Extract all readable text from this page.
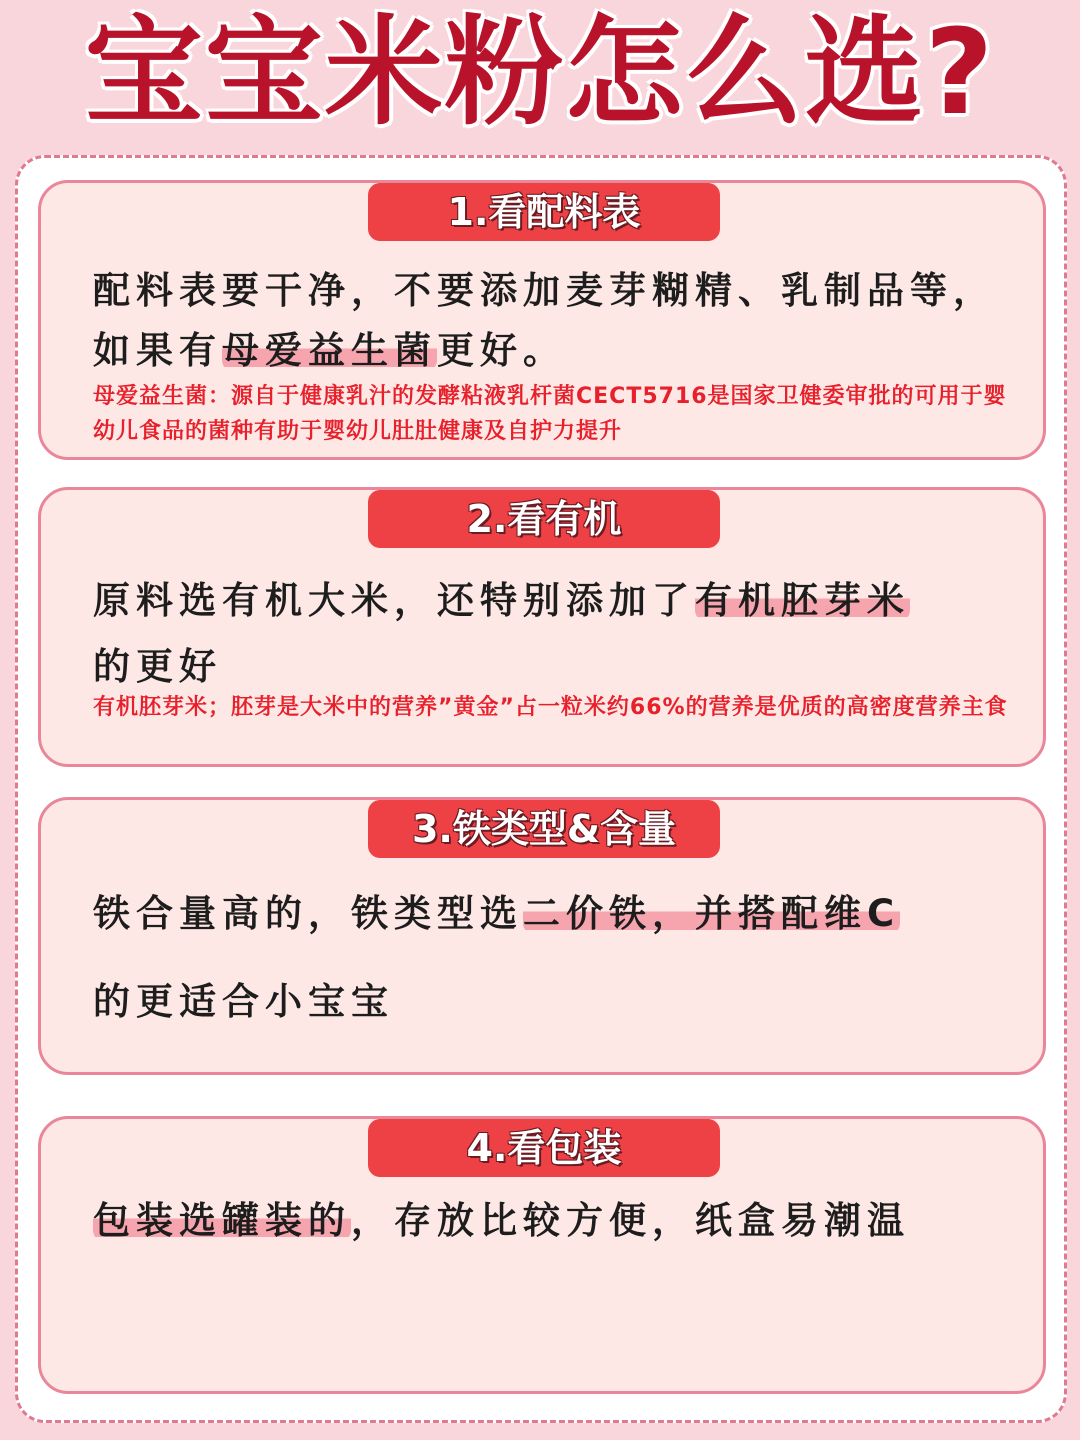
宝宝米粉怎么选?
1.看配料表
配料表要干净，不要添加麦芽糊精、乳制品等，如果有母爱益生菌更好。
母爱益生菌：源自于健康乳汁的发酵粘液乳杆菌CECT5716是国家卫健委审批的可用于婴幼儿食品的菌种有助于婴幼儿肚肚健康及自护力提升
2.看有机
原料选有机大米，还特别添加了有机胚芽米
的更好
有机胚芽米；胚芽是大米中的营养”黄金”占一粒米约66%的营养是优质的高密度营养主食
3.铁类型&含量
铁合量高的，铁类型选二价铁，并搭配维C
的更适合小宝宝
4.看包装
包装选罐装的，存放比较方便，纸盒易潮温
